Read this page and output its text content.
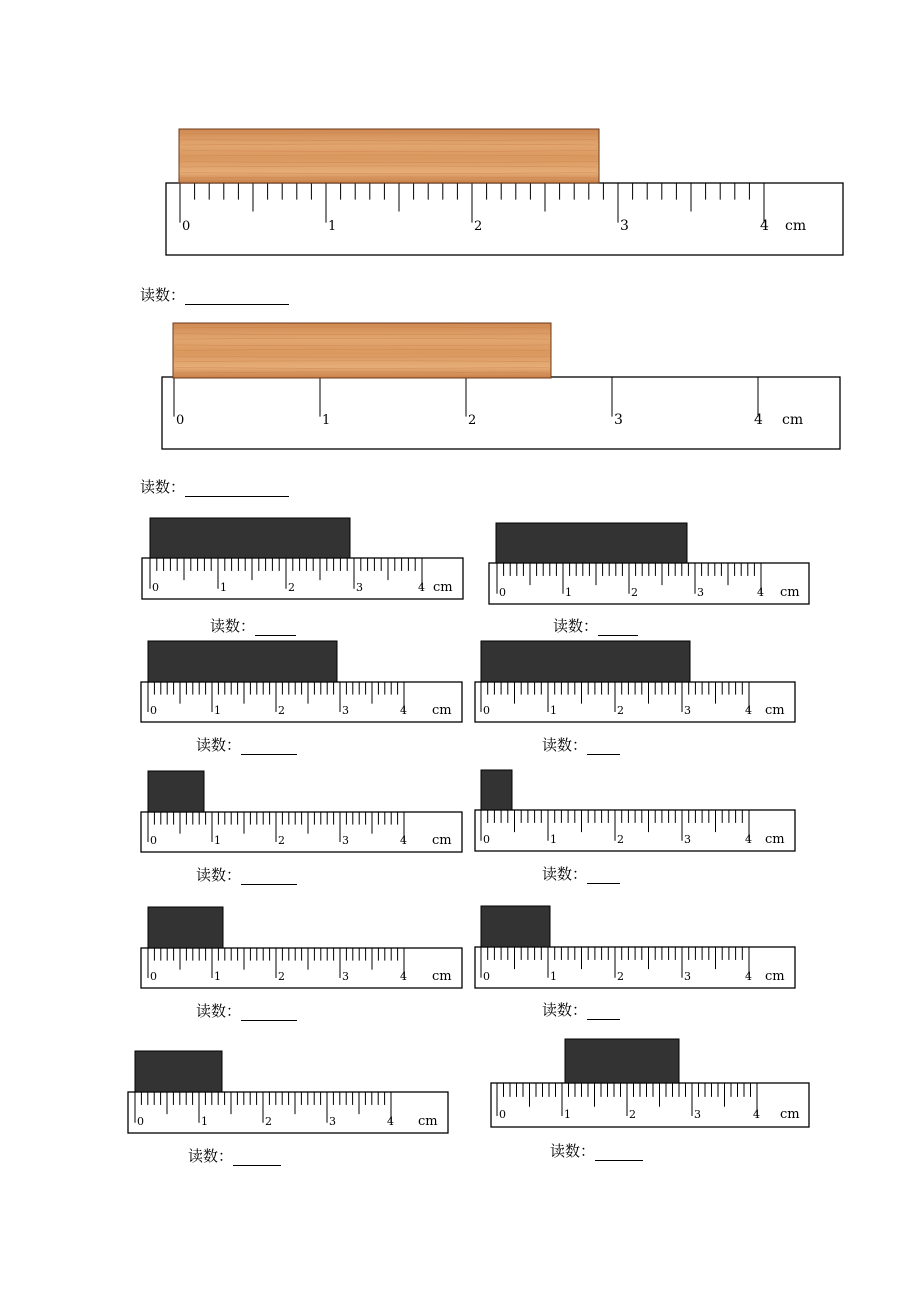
0	1	2	3	4 cm
读数：
0	1	2	3	4 cm
读数：
0	1	2	3	4 cm
读数：
0	1	2	3	4 cm
读数：
0	1	2	3	4 cm
读数：
0	1	2	3	4 cm
读数：
0	1	2	3	4 cm
读数：
0	1	2	3	4 cm
读数：
0	1	2	3	4 cm
读数：
0	1	2	3	4 cm
读数：
0	1	2	3	4 cm
读数：
0	1	2	3	4 cm
读数：
